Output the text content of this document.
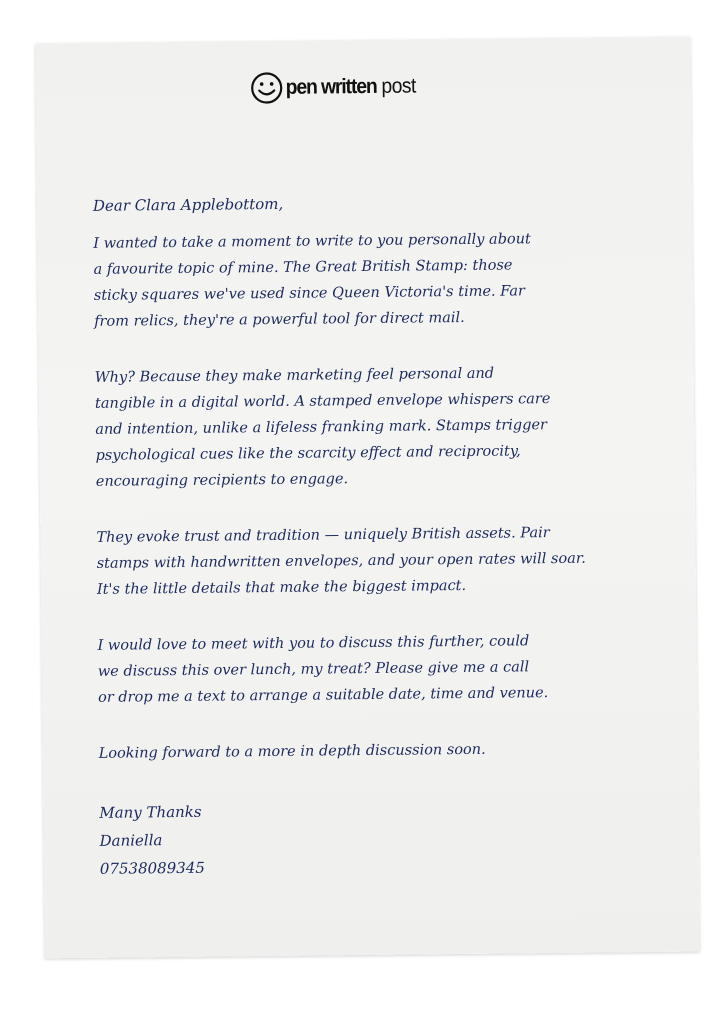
pen written post
Dear Clara Applebottom,
I wanted to take a moment to write to you personally about
a favourite topic of mine. The Great British Stamp: those
sticky squares we've used since Queen Victoria's time. Far
from relics, they're a powerful tool for direct mail.
Why? Because they make marketing feel personal and
tangible in a digital world. A stamped envelope whispers care
and intention, unlike a lifeless franking mark. Stamps trigger
psychological cues like the scarcity effect and reciprocity,
encouraging recipients to engage.
They evoke trust and tradition — uniquely British assets. Pair
stamps with handwritten envelopes, and your open rates will soar.
It's the little details that make the biggest impact.
I would love to meet with you to discuss this further, could
we discuss this over lunch, my treat? Please give me a call
or drop me a text to arrange a suitable date, time and venue.
Looking forward to a more in depth discussion soon.
Many Thanks
Daniella
07538089345
